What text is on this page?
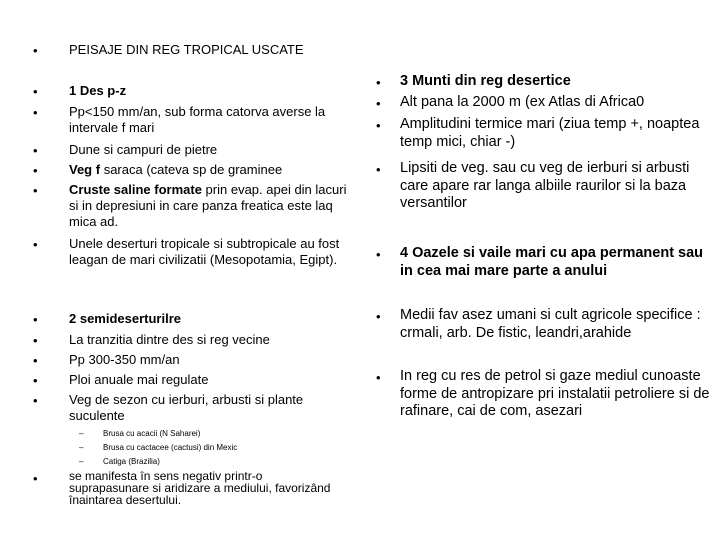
• PEISAJE DIN REG TROPICAL USCATE
• 1 Des p-z
• Pp<150 mm/an, sub forma catorva averse la intervale f mari
• Dune si campuri de pietre
• Veg f saraca (cateva sp de graminee
• Cruste saline formate prin evap. apei din lacuri si in depresiuni in care panza freatica este laq mica ad.
• Unele deserturi tropicale si subtropicale au fost leagan de mari civilizatii (Mesopotamia, Egipt).
• 2 semideserturilre
• La tranzitia dintre des si reg vecine
• Pp 300-350 mm/an
• Ploi anuale mai regulate
• Veg de sezon cu ierburi, arbusti si plante suculente
– Brusa cu acacii (N Saharei)
– Brusa cu cactacee (cactusi) din Mexic
– Catiga (Brazilia)
•	se manifesta în sens negativ printr-o suprapasunare si aridizare a mediului, favorizând înaintarea desertului.
• 3 Munti din reg desertice
• Alt pana la 2000 m (ex Atlas di Africa0
• Amplitudini termice mari (ziua temp +, noaptea temp mici, chiar -)
• Lipsiti de veg. sau cu veg de ierburi si arbusti care apare rar langa albiile raurilor si la baza versantilor
• 4 Oazele si vaile mari cu apa permanent sau in cea mai mare parte a anului
• Medii fav asez umani si cult agricole specifice : crmali, arb. De fistic, leandri,arahide
• In reg cu res de petrol si gaze mediul cunoaste forme de antropizare pri instalatii petroliere si de rafinare, cai de com, asezari
